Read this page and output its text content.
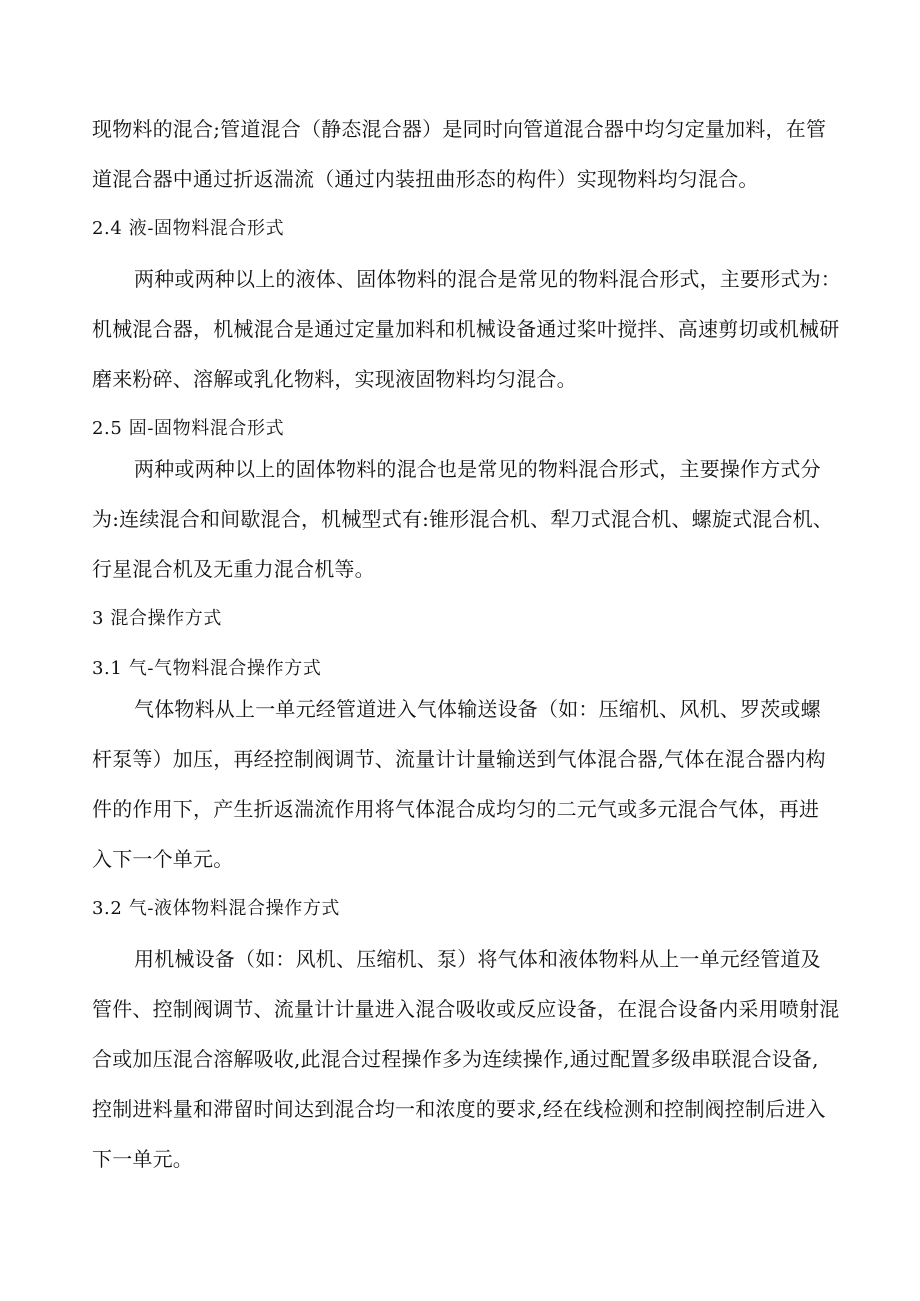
现物料的混合;管道混合（静态混合器）是同时向管道混合器中均匀定量加料，在管
道混合器中通过折返湍流（通过内装扭曲形态的构件）实现物料均匀混合。
2.4 液-固物料混合形式
两种或两种以上的液体、固体物料的混合是常见的物料混合形式，主要形式为：
机械混合器，机械混合是通过定量加料和机械设备通过桨叶搅拌、高速剪切或机械研
磨来粉碎、溶解或乳化物料，实现液固物料均匀混合。
2.5 固-固物料混合形式
两种或两种以上的固体物料的混合也是常见的物料混合形式，主要操作方式分
为:连续混合和间歇混合，机械型式有:锥形混合机、犁刀式混合机、螺旋式混合机、
行星混合机及无重力混合机等。
3 混合操作方式
3.1 气-气物料混合操作方式
气体物料从上一单元经管道进入气体输送设备（如：压缩机、风机、罗茨或螺
杆泵等）加压，再经控制阀调节、流量计计量输送到气体混合器,气体在混合器内构
件的作用下，产生折返湍流作用将气体混合成均匀的二元气或多元混合气体，再进
入下一个单元。
3.2 气-液体物料混合操作方式
用机械设备（如：风机、压缩机、泵）将气体和液体物料从上一单元经管道及
管件、控制阀调节、流量计计量进入混合吸收或反应设备，在混合设备内采用喷射混
合或加压混合溶解吸收,此混合过程操作多为连续操作,通过配置多级串联混合设备,
控制进料量和滞留时间达到混合均一和浓度的要求,经在线检测和控制阀控制后进入
下一单元。
